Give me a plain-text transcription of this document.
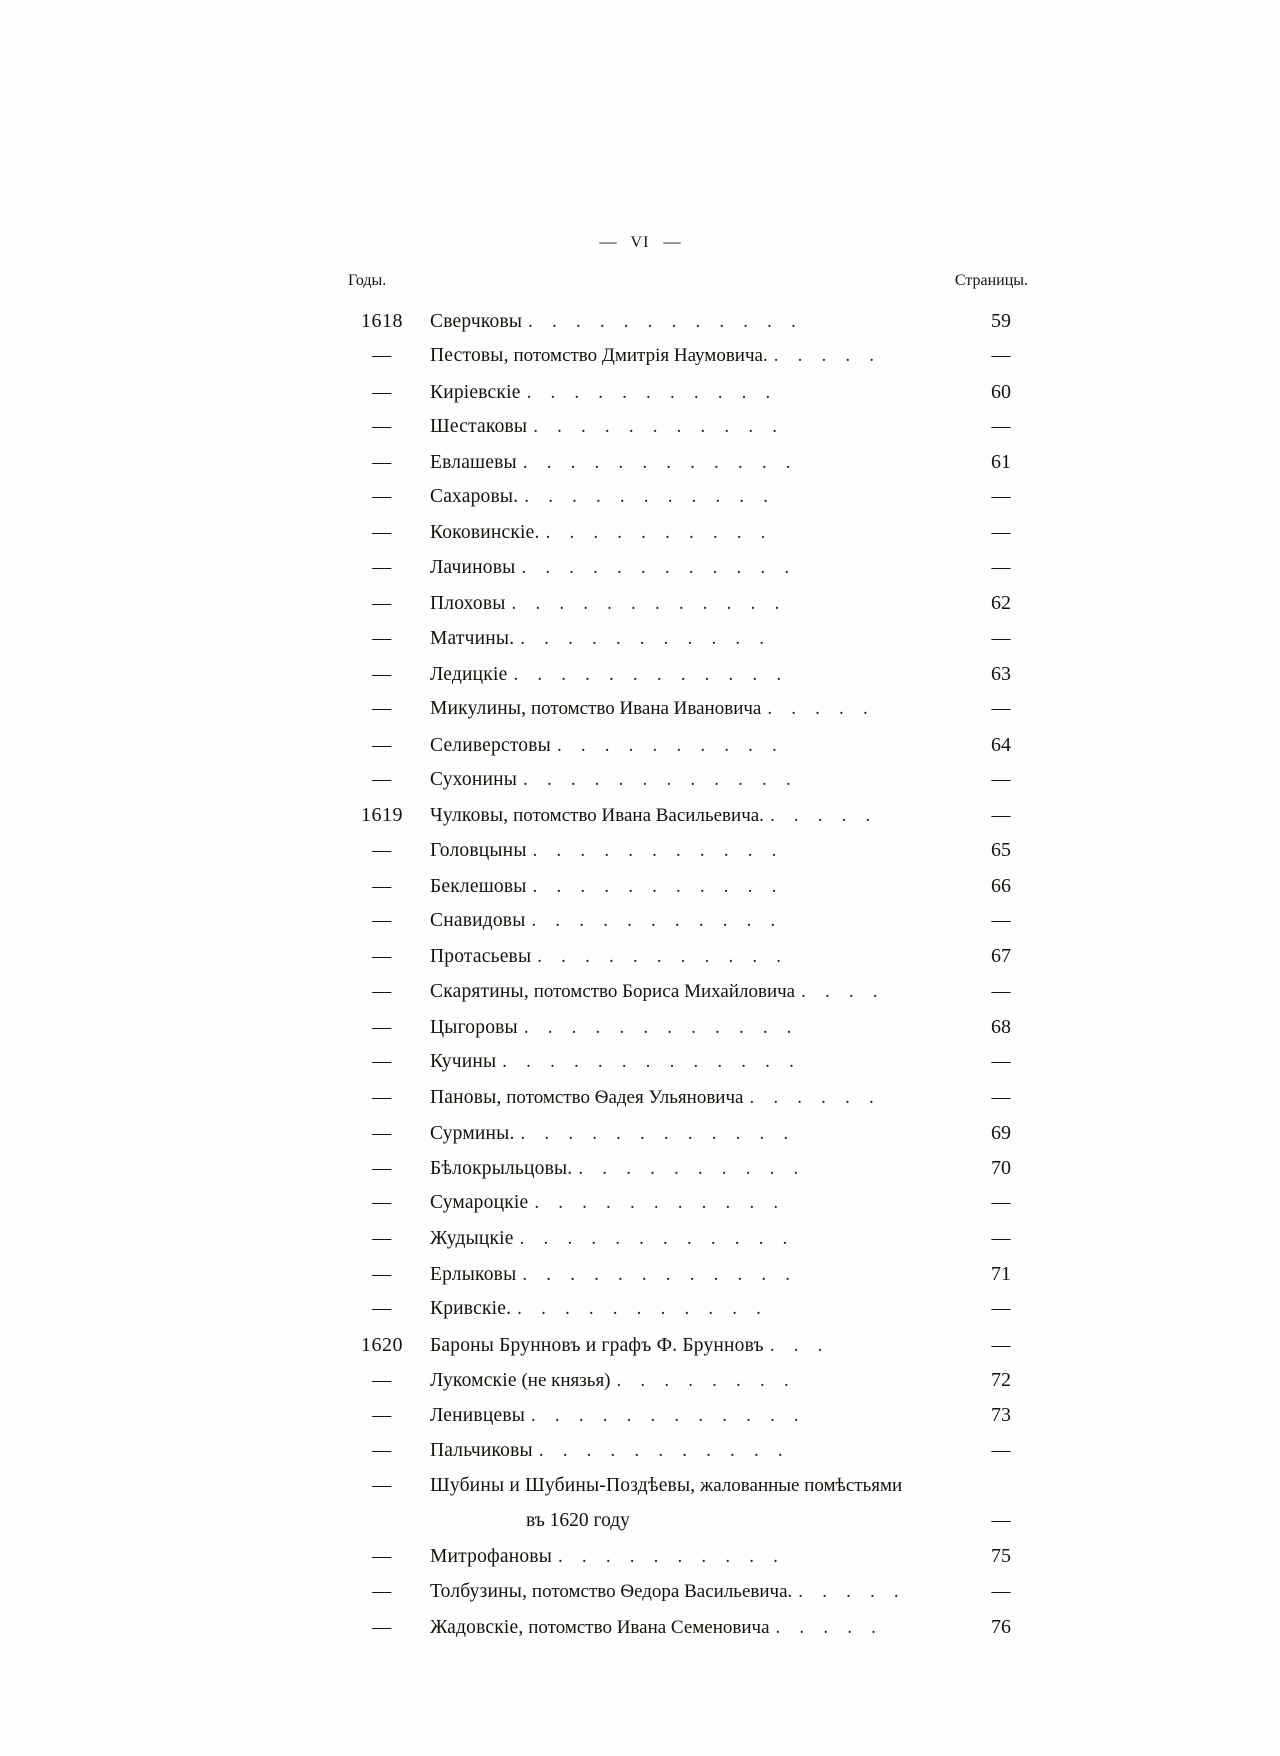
— VI —
Годы.	Страницы.
1618	Сверчковы . . . . . . . . . . . .	59
—	Пестовы, потомство Дмитрія Наумовича. . . . . .	—
—	Киріевскіе . . . . . . . . . . .	60
—	Шестаковы . . . . . . . . . . .	—
—	Евлашевы . . . . . . . . . . . .	61
—	Сахаровы. . . . . . . . . . . .	—
—	Коковинскіе. . . . . . . . . . .	—
—	Лачиновы . . . . . . . . . . . .	—
—	Плоховы . . . . . . . . . . . .	62
—	Матчины. . . . . . . . . . . .	—
—	Ледицкіе . . . . . . . . . . . .	63
—	Микулины, потомство Ивана Ивановича . . . . .	—
—	Селиверстовы . . . . . . . . . .	64
—	Сухонины . . . . . . . . . . . .	—
1619	Чулковы, потомство Ивана Васильевича. . . . . .	—
—	Головцыны . . . . . . . . . . .	65
—	Беклешовы . . . . . . . . . . .	66
—	Снавидовы . . . . . . . . . . .	—
—	Протасьевы . . . . . . . . . . .	67
—	Скарятины, потомство Бориса Михайловича . . . .	—
—	Цыгоровы . . . . . . . . . . . .	68
—	Кучины . . . . . . . . . . . . .	—
—	Пановы, потомство Ѳадея Ульяновича . . . . . .	—
—	Сурмины. . . . . . . . . . . . .	69
—	Бѣлокрыльцовы. . . . . . . . . . .	70
—	Сумароцкіе . . . . . . . . . . .	—
—	Жудыцкіе . . . . . . . . . . . .	—
—	Ерлыковы . . . . . . . . . . . .	71
—	Кривскіе. . . . . . . . . . . .	—
1620	Бароны Брунновъ и графъ Ф. Брунновъ . . .	—
—	Лукомскіе (не князья) . . . . . . . .	72
—	Ленивцевы . . . . . . . . . . . .	73
—	Пальчиковы . . . . . . . . . . .	—
—	Шубины и Шубины-Поздѣевы, жалованные помѣстьями
въ 1620 году	—
—	Митрофановы . . . . . . . . . .	75
—	Толбузины, потомство Ѳедора Васильевича. . . . . .	—
—	Жадовскіе, потомство Ивана Семеновича . . . . .	76
